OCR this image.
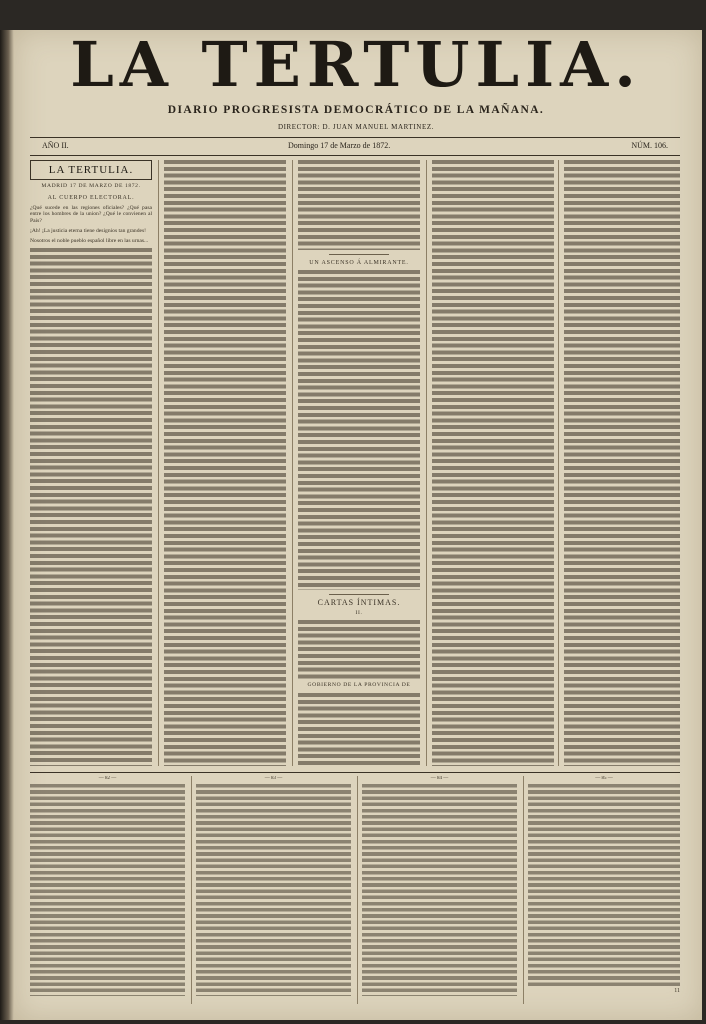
LA TERTULIA.
DIARIO PROGRESISTA DEMOCRÁTICO DE LA MAÑANA.
DIRECTOR: D. JUAN MANUEL MARTINEZ.
AÑO II.	Domingo 17 de Marzo de 1872.	NÚM. 106.
LA TERTULIA.
MADRID 17 DE MARZO DE 1872.
AL CUERPO ELECTORAL.

¿Qué sucede en las regiones oficiales? ¿Qué pasa entre los hombres de la union? ¿Qué le convienen al País?

¡Ah! ¡La justicia eterna tiene designios tan grandes!

Nosotros el noble pueblo español libre en las urnas...

UN ASCENSO Á ALMIRANTE.
CARTAS ÍNTIMAS.
II.
GOBIERNO DE LA PROVINCIA DE
— 82 —	— 83 —	— 84 —	— 85 —
11
